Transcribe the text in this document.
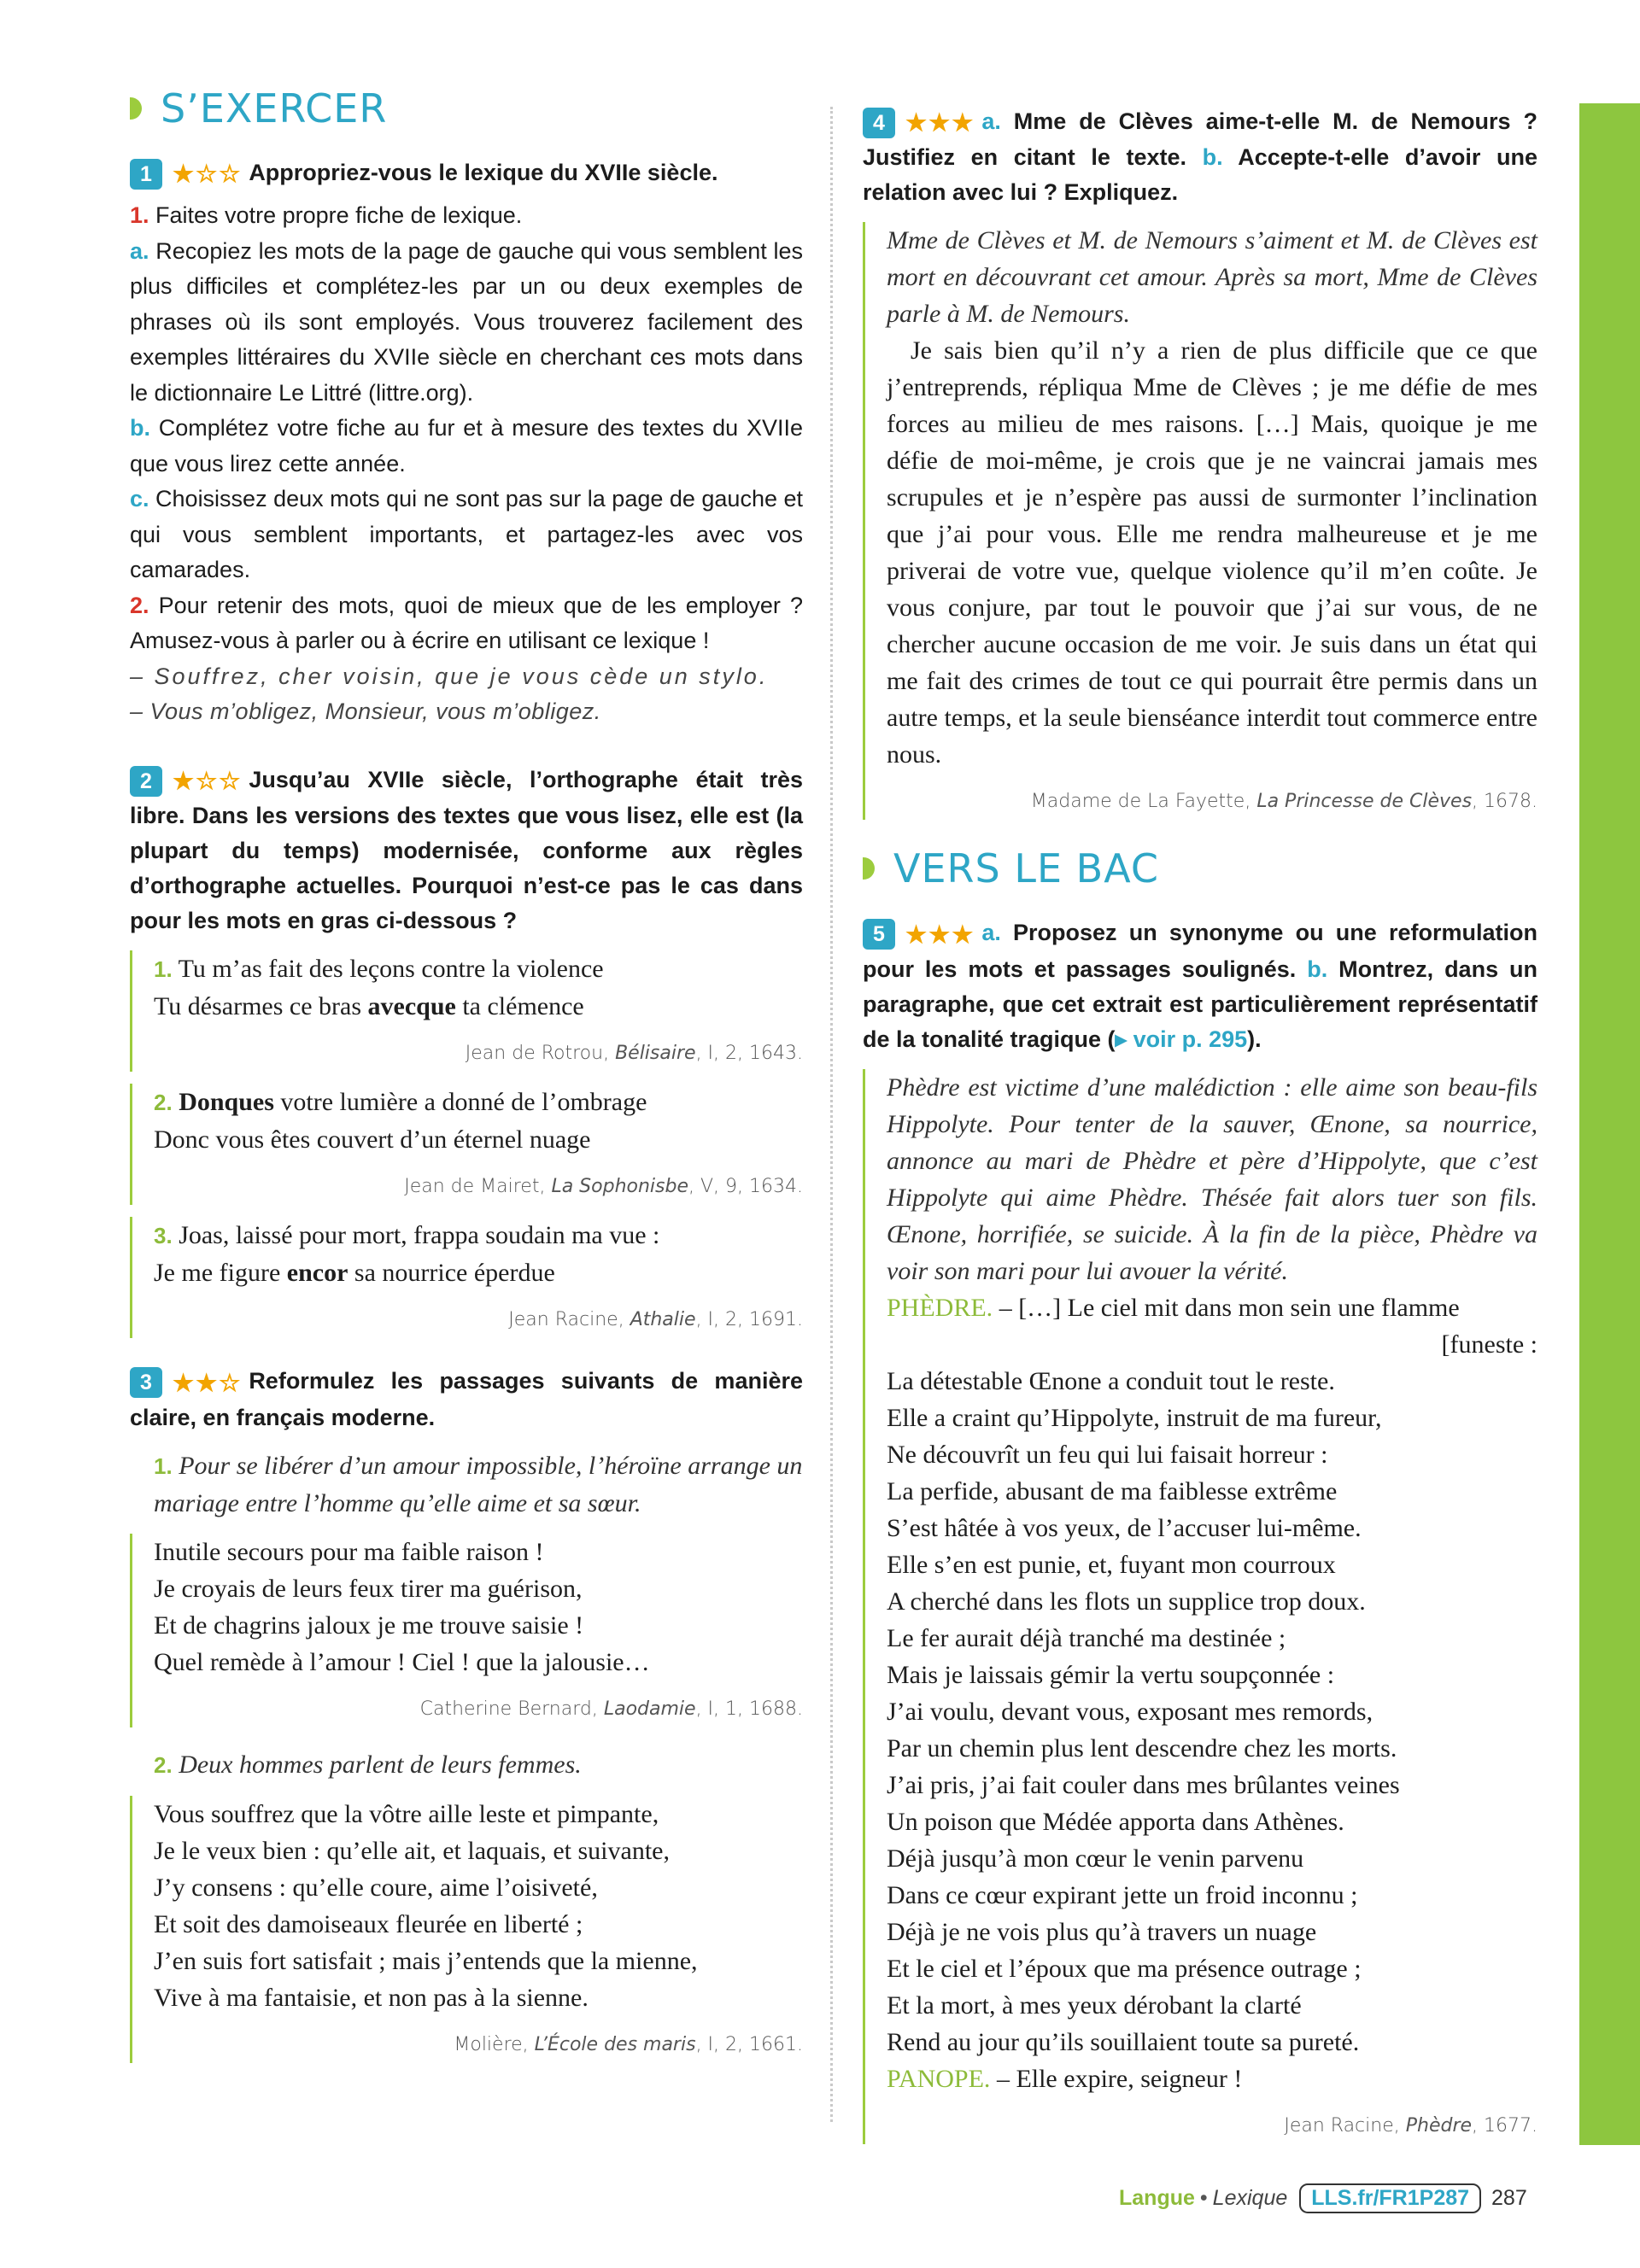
S’EXERCER

1 ★☆☆ Appropriez-vous le lexique du XVIIe siècle.

1. Faites votre propre fiche de lexique.

a. Recopiez les mots de la page de gauche qui vous semblent les plus difficiles et complétez-les par un ou deux exemples de phrases où ils sont employés. Vous trouverez facilement des exemples littéraires du XVIIe siècle en cherchant ces mots dans le dictionnaire Le Littré (littre.org).

b. Complétez votre fiche au fur et à mesure des textes du XVIIe que vous lirez cette année.

c. Choisissez deux mots qui ne sont pas sur la page de gauche et qui vous semblent importants, et partagez-les avec vos camarades.

2. Pour retenir des mots, quoi de mieux que de les employer ? Amusez-vous à parler ou à écrire en utilisant ce lexique !

– Souffrez, cher voisin, que je vous cède un stylo.

– Vous m’obligez, Monsieur, vous m’obligez.

2 ★☆☆ Jusqu’au XVIIe siècle, l’orthographe était très libre. Dans les versions des textes que vous lisez, elle est (la plupart du temps) modernisée, conforme aux règles d’orthographe actuelles. Pourquoi n’est-ce pas le cas dans pour les mots en gras ci-dessous ?

1. Tu m’as fait des leçons contre la violence
Tu désarmes ce bras avecque ta clémence
Jean de Rotrou, Bélisaire, I, 2, 1643.
2. Donques votre lumière a donné de l’ombrage
Donc vous êtes couvert d’un éternel nuage
Jean de Mairet, La Sophonisbe, V, 9, 1634.
3. Joas, laissé pour mort, frappa soudain ma vue :
Je me figure encor sa nourrice éperdue
Jean Racine, Athalie, I, 2, 1691.

3 ★★☆ Reformulez les passages suivants de manière claire, en français moderne.

1. Pour se libérer d’un amour impossible, l’héroïne arrange un mariage entre l’homme qu’elle aime et sa sœur.
Inutile secours pour ma faible raison !
Je croyais de leurs feux tirer ma guérison,
Et de chagrins jaloux je me trouve saisie !
Quel remède à l’amour ! Ciel ! que la jalousie…
Catherine Bernard, Laodamie, I, 1, 1688.
2. Deux hommes parlent de leurs femmes.
Vous souffrez que la vôtre aille leste et pimpante,
Je le veux bien : qu’elle ait, et laquais, et suivante,
J’y consens : qu’elle coure, aime l’oisiveté,
Et soit des damoiseaux fleurée en liberté ;
J’en suis fort satisfait ; mais j’entends que la mienne,
Vive à ma fantaisie, et non pas à la sienne.
Molière, L’École des maris, I, 2, 1661.

4 ★★★ a. Mme de Clèves aime-t-elle M. de Nemours ? Justifiez en citant le texte. b. Accepte-t-elle d’avoir une relation avec lui ? Expliquez.

Mme de Clèves et M. de Nemours s’aiment et M. de Clèves est mort en découvrant cet amour. Après sa mort, Mme de Clèves parle à M. de Nemours.

Je sais bien qu’il n’y a rien de plus difficile que ce que j’entreprends, répliqua Mme de Clèves ; je me défie de mes forces au milieu de mes raisons. […] Mais, quoique je me défie de moi-même, je crois que je ne vaincrai jamais mes scrupules et je n’espère pas aussi de surmonter l’inclination que j’ai pour vous. Elle me rendra malheureuse et je me priverai de votre vue, quelque violence qu’il m’en coûte. Je vous conjure, par tout le pouvoir que j’ai sur vous, de ne chercher aucune occasion de me voir. Je suis dans un état qui me fait des crimes de tout ce qui pourrait être permis dans un autre temps, et la seule bienséance interdit tout commerce entre nous.

Madame de La Fayette, La Princesse de Clèves, 1678.
VERS LE BAC

5 ★★★ a. Proposez un synonyme ou une reformulation pour les mots et passages soulignés. b. Montrez, dans un paragraphe, que cet extrait est particulièrement représentatif de la tonalité tragique (▸ voir p. 295).

Phèdre est victime d’une malédiction : elle aime son beau-fils Hippolyte. Pour tenter de la sauver, Œnone, sa nourrice, annonce au mari de Phèdre et père d’Hippolyte, que c’est Hippolyte qui aime Phèdre. Thésée fait alors tuer son fils. Œnone, horrifiée, se suicide. À la fin de la pièce, Phèdre va voir son mari pour lui avouer la vérité.

PHÈDRE. – […] Le ciel mit dans mon sein une flamme
[funeste :
La détestable Œnone a conduit tout le reste.
Elle a craint qu’Hippolyte, instruit de ma fureur,
Ne découvrît un feu qui lui faisait horreur :
La perfide, abusant de ma faiblesse extrême
S’est hâtée à vos yeux, de l’accuser lui-même.
Elle s’en est punie, et, fuyant mon courroux
A cherché dans les flots un supplice trop doux.
Le fer aurait déjà tranché ma destinée ;
Mais je laissais gémir la vertu soupçonnée :
J’ai voulu, devant vous, exposant mes remords,
Par un chemin plus lent descendre chez les morts.
J’ai pris, j’ai fait couler dans mes brûlantes veines
Un poison que Médée apporta dans Athènes.
Déjà jusqu’à mon cœur le venin parvenu
Dans ce cœur expirant jette un froid inconnu ;
Déjà je ne vois plus qu’à travers un nuage
Et le ciel et l’époux que ma présence outrage ;
Et la mort, à mes yeux dérobant la clarté
Rend au jour qu’ils souillaient toute sa pureté.
PANOPE. – Elle expire, seigneur !
Jean Racine, Phèdre, 1677.
Langue • Lexique	LLS.fr/FR1P287	287
